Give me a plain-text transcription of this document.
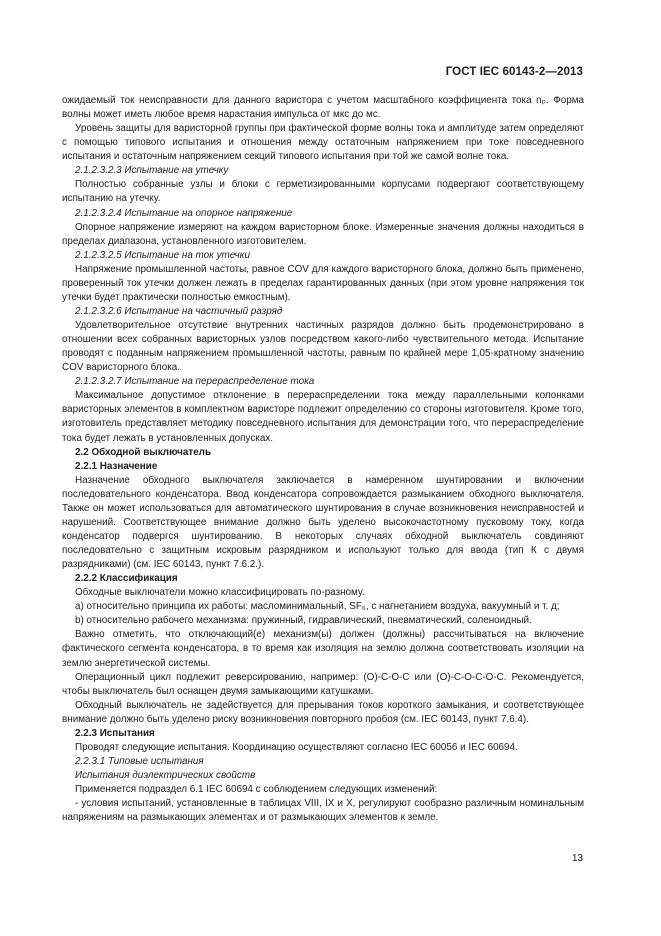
ГОСТ IEC 60143-2—2013

ожидаемый ток неисправности для данного варистора с учетом масштабного коэффициента тока nₚ. Форма волны может иметь любое время нарастания импульса от мкс до мс.

Уровень защиты для варисторной группы при фактической форме волны тока и амплитуде затем определяют с помощью типового испытания и отношения между остаточным напряжением при токе повседневного испытания и остаточным напряжением секций типового испытания при той же самой волне тока.

2.1.2.3.2.3 Испытание на утечку

Полностью собранные узлы и блоки с герметизированными корпусами подвергают соответствующему испытанию на утечку.

2.1.2.3.2.4 Испытание на опорное напряжение

Опорное напряжение измеряют на каждом варисторном блоке. Измеренные значения должны находиться в пределах диапазона, установленного изготовителем.

2.1.2.3.2.5 Испытание на ток утечки

Напряжение промышленной частоты, равное COV для каждого варисторного блока, должно быть применено, проверенный ток утечки должен лежать в пределах гарантированных данных (при этом уровне напряжения ток утечки будет практически полностью емкостным).

2.1.2.3.2.6 Испытание на частичный разряд

Удовлетворительное отсутствие внутренних частичных разрядов должно быть продемонстрировано в отношении всех собранных варисторных узлов посредством какого-либо чувствительного метода. Испытание проводят с поданным напряжением промышленной частоты, равным по крайней мере 1,05-кратному значению COV варисторного блока.

2.1.2.3.2.7 Испытание на перераспределение тока

Максимальное допустимое отклонение в перераспределении тока между параллельными колонками варисторных элементов в комплектном варисторе подлежит определению со стороны изготовителя. Кроме того, изготовитель представляет методику повседневного испытания для демонстрации того, что перераспределение тока будет лежать в установленных допусках.

2.2 Обходной выключатель

2.2.1 Назначение

Назначение обходного выключателя заключается в намеренном шунтировании и включении последовательного конденсатора. Ввод конденсатора сопровождается размыканием обходного выключателя. Также он может использоваться для автоматического шунтирования в случае возникновения неисправностей и нарушений. Соответствующее внимание должно быть уделено высокочастотному пусковому току, когда конденсатор подвергся шунтированию. В некоторых случаях обходной выключатель совдиняют последовательно с защитным искровым разрядником и используют только для ввода (тип К с двумя разрядниками) (см. IEC 60143, пункт 7.6.2.).

2.2.2 Классификация

Обходные выключатели можно классифицировать по-разному.

a) относительно принципа их работы: масломинимальный, SF₆, с нагнетанием воздуха, вакуумный и т. д;

b) относительно рабочего механизма: пружинный, гидравлический, пневматический, соленоидный.

Важно отметить, что отключающий(е) механизм(ы) должен (должны) рассчитываться на включение фактического сегмента конденсатора, в то время как изоляция на землю должна соответствовать изоляции на землю энергетической системы.

Операционный цикл подлежит реверсированию, например: (O)-C-O-C или (O)-C-O-C-O-C. Рекомендуется, чтобы выключатель был оснащен двумя замыкающими катушками.

Обходный выключатель не задействуется для прерывания токов короткого замыкания, и соответствующее внимание должно быть уделено риску возникновения повторного пробоя (см. IEC 60143, пункт 7.6.4).

2.2.3 Испытания

Проводят следующие испытания. Координацию осуществляют согласно IEC 60056 и IEC 60694.

2.2.3.1 Типовые испытания

Испытания диэлектрических свойств

Применяется подраздел 6.1 IEC 60694 с соблюдением следующих изменений:

- условия испытаний, установленные в таблицах VIII, IX и X, регулируют сообразно различным номинальным напряжениям на размыкающих элементах и от размыкающих элементов к земле.

13
